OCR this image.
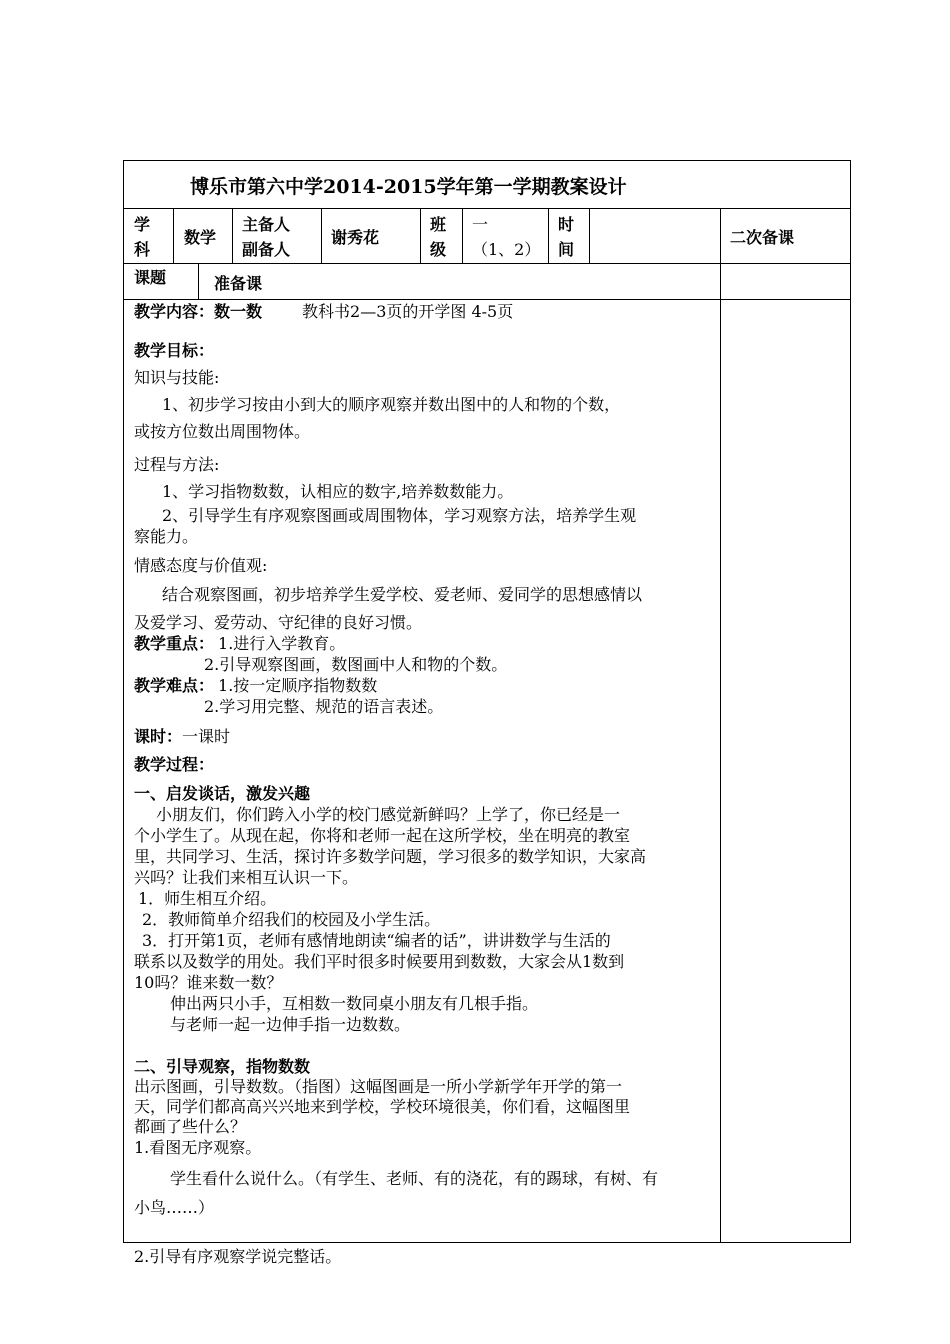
博乐市第六中学2014-2015学年第一学期教案设计
学
科
数学
主备人
副备人
谢秀花
班
级
一
（1、2）
时
间
二次备课
课题	准备课

教学内容：数一数	教科书2—3页的开学图 4-5页

教学目标：

知识与技能:

1、初步学习按由小到大的顺序观察并数出图中的人和物的个数，

或按方位数出周围物体。

过程与方法:

1、学习指物数数，认相应的数字,培养数数能力。

2、引导学生有序观察图画或周围物体，学习观察方法，培养学生观

察能力。

情感态度与价值观:

结合观察图画，初步培养学生爱学校、爱老师、爱同学的思想感情以

及爱学习、爱劳动、守纪律的良好习惯。

教学重点： 1.进行入学教育。

2.引导观察图画，数图画中人和物的个数。

教学难点： 1.按一定顺序指物数数

2.学习用完整、规范的语言表述。

课时：一课时

教学过程：

一、启发谈话，激发兴趣

小朋友们，你们跨入小学的校门感觉新鲜吗？上学了，你已经是一

个小学生了。从现在起，你将和老师一起在这所学校，坐在明亮的教室

里，共同学习、生活，探讨许多数学问题，学习很多的数学知识，大家高

兴吗？让我们来相互认识一下。

1．师生相互介绍。

2．教师简单介绍我们的校园及小学生活。

3．打开第1页，老师有感情地朗读“编者的话”，讲讲数学与生活的

联系以及数学的用处。我们平时很多时候要用到数数，大家会从1数到

10吗？谁来数一数？

伸出两只小手，互相数一数同桌小朋友有几根手指。

与老师一起一边伸手指一边数数。

二、引导观察，指物数数

出示图画，引导数数。（指图）这幅图画是一所小学新学年开学的第一

天，同学们都高高兴兴地来到学校，学校环境很美，你们看，这幅图里

都画了些什么？

1.看图无序观察。

学生看什么说什么。（有学生、老师、有的浇花，有的踢球，有树、有

小鸟……）

2.引导有序观察学说完整话。
